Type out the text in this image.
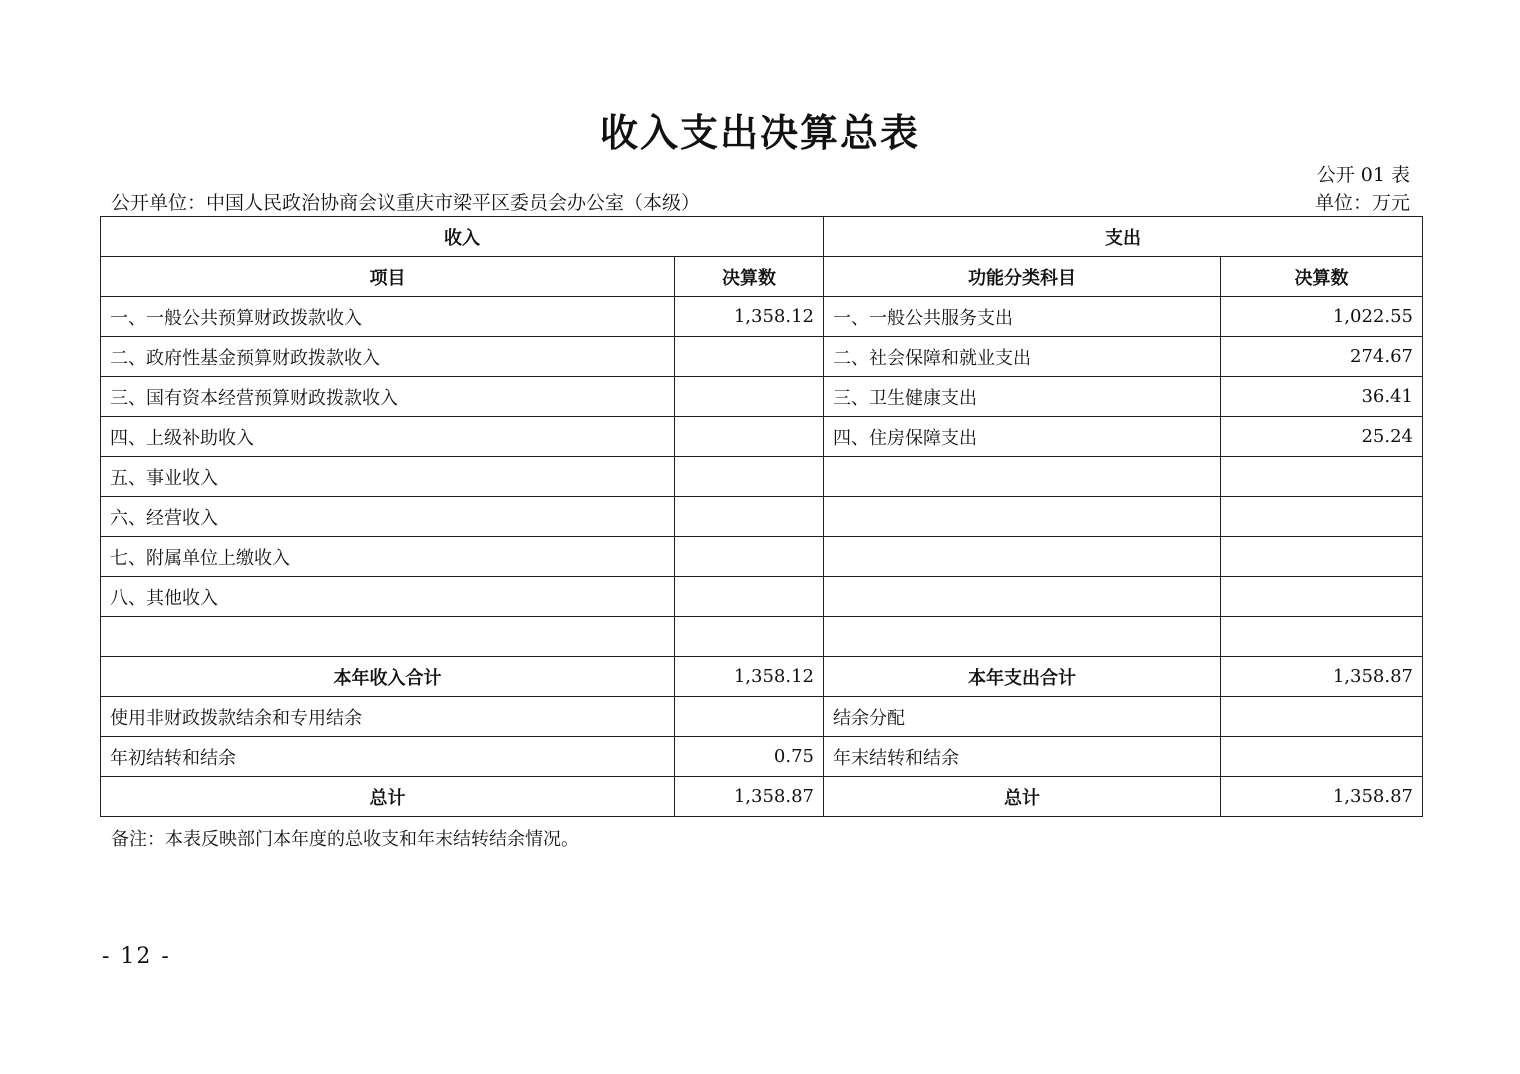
收入支出决算总表
公开 01 表
公开单位：中国人民政治协商会议重庆市梁平区委员会办公室（本级）	单位：万元
收入		支出	
项目	决算数	功能分类科目	决算数
一、一般公共预算财政拨款收入	1,358.12	一、一般公共服务支出	1,022.55
二、政府性基金预算财政拨款收入		二、社会保障和就业支出	274.67
三、国有资本经营预算财政拨款收入		三、卫生健康支出	36.41
四、上级补助收入		四、住房保障支出	25.24
五、事业收入			
六、经营收入			
七、附属单位上缴收入			
八、其他收入			

本年收入合计	1,358.12	本年支出合计	1,358.87
使用非财政拨款结余和专用结余		结余分配	
年初结转和结余	0.75	年末结转和结余	
总计	1,358.87	总计	1,358.87
备注：本表反映部门本年度的总收支和年末结转结余情况。
- 12 -
